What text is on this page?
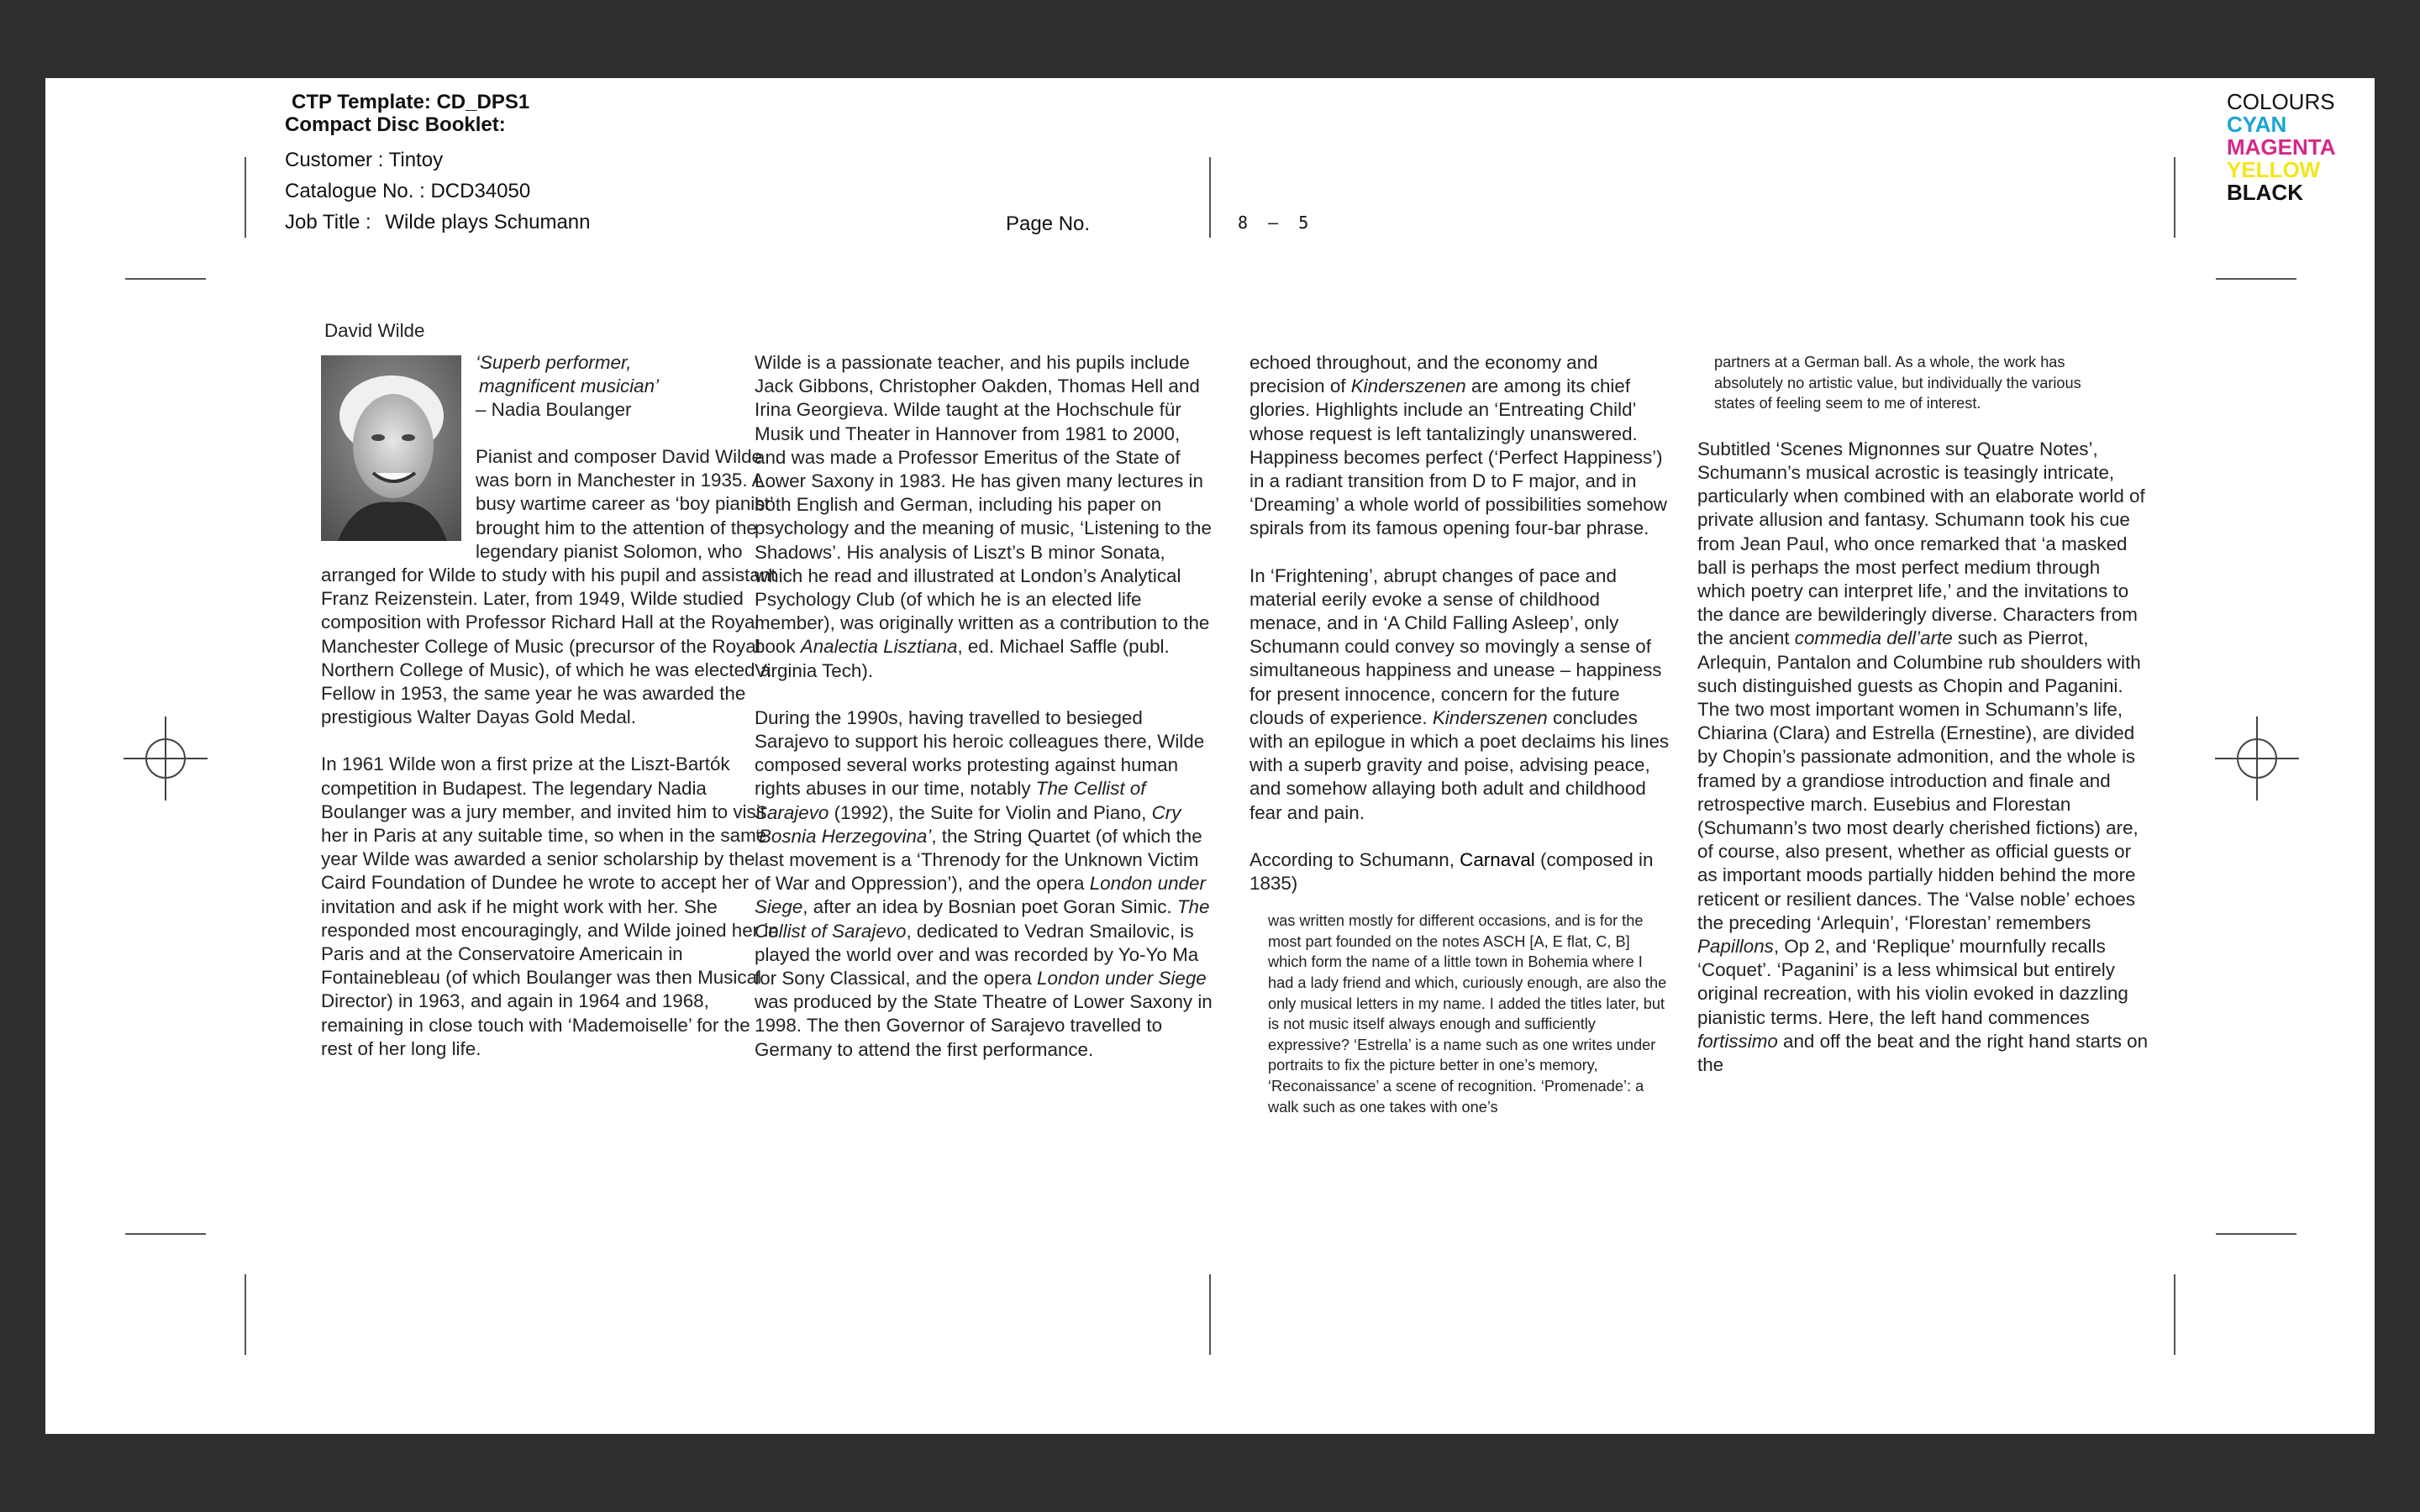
CTP Template: CD_DPS1
Compact Disc Booklet:
Customer : Tintoy
Catalogue No. : DCD34050
Job Title : Wilde plays Schumann	Page No.	8  –  5
COLOURS
CYAN
MAGENTA
YELLOW
BLACK
David Wilde
‘Superb performer,
magnificent musician’
– Nadia Boulanger

Pianist and composer David Wilde was born in Manchester in 1935. A busy wartime career as ‘boy pianist’ brought him to the attention of the legendary pianist Solomon, who arranged for Wilde to study with his pupil and assistant Franz Reizenstein. Later, from 1949, Wilde studied composition with Professor Richard Hall at the Royal Manchester College of Music (precursor of the Royal Northern College of Music), of which he was elected a Fellow in 1953, the same year he was awarded the prestigious Walter Dayas Gold Medal.

In 1961 Wilde won a first prize at the Liszt-Bartók competition in Budapest. The legendary Nadia Boulanger was a jury member, and invited him to visit her in Paris at any suitable time, so when in the same year Wilde was awarded a senior scholarship by the Caird Foundation of Dundee he wrote to accept her invitation and ask if he might work with her. She responded most encouragingly, and Wilde joined her in Paris and at the Conservatoire Americain in Fontainebleau (of which Boulanger was then Musical Director) in 1963, and again in 1964 and 1968, remaining in close touch with ‘Mademoiselle’ for the rest of her long life.

Wilde is a passionate teacher, and his pupils include Jack Gibbons, Christopher Oakden, Thomas Hell and Irina Georgieva. Wilde taught at the Hochschule für Musik und Theater in Hannover from 1981 to 2000, and was made a Professor Emeritus of the State of Lower Saxony in 1983. He has given many lectures in both English and German, including his paper on psychology and the meaning of music, ‘Listening to the Shadows’. His analysis of Liszt’s B minor Sonata, which he read and illustrated at London’s Analytical Psychology Club (of which he is an elected life member), was originally written as a contribution to the book Analectia Lisztiana, ed. Michael Saffle (publ. Virginia Tech).

During the 1990s, having travelled to besieged Sarajevo to support his heroic colleagues there, Wilde composed several works protesting against human rights abuses in our time, notably The Cellist of Sarajevo (1992), the Suite for Violin and Piano, Cry ‘Bosnia Herzegovina’, the String Quartet (of which the last movement is a ‘Threnody for the Unknown Victim of War and Oppression’), and the opera London under Siege, after an idea by Bosnian poet Goran Simic. The Cellist of Sarajevo, dedicated to Vedran Smailovic, is played the world over and was recorded by Yo-Yo Ma for Sony Classical, and the opera London under Siege was produced by the State Theatre of Lower Saxony in 1998. The then Governor of Sarajevo travelled to Germany to attend the first performance.

echoed throughout, and the economy and precision of Kinderszenen are among its chief glories. Highlights include an ‘Entreating Child’ whose request is left tantalizingly unanswered. Happiness becomes perfect (‘Perfect Happiness’) in a radiant transition from D to F major, and in ‘Dreaming’ a whole world of possibilities somehow spirals from its famous opening four-bar phrase.

In ‘Frightening’, abrupt changes of pace and material eerily evoke a sense of childhood menace, and in ‘A Child Falling Asleep’, only Schumann could convey so movingly a sense of simultaneous happiness and unease – happiness for present innocence, concern for the future clouds of experience. Kinderszenen concludes with an epilogue in which a poet declaims his lines with a superb gravity and poise, advising peace, and somehow allaying both adult and childhood fear and pain.

According to Schumann, Carnaval (composed in 1835)

was written mostly for different occasions, and is for the most part founded on the notes ASCH [A, E flat, C, B] which form the name of a little town in Bohemia where I had a lady friend and which, curiously enough, are also the only musical letters in my name. I added the titles later, but is not music itself always enough and sufficiently expressive? ‘Estrella’ is a name such as one writes under portraits to fix the picture better in one’s memory, ‘Reconaissance’ a scene of recognition. ‘Promenade’: a walk such as one takes with one’s
partners at a German ball. As a whole, the work has absolutely no artistic value, but individually the various states of feeling seem to me of interest.
Subtitled ‘Scenes Mignonnes sur Quatre Notes’, Schumann’s musical acrostic is teasingly intricate, particularly when combined with an elaborate world of private allusion and fantasy. Schumann took his cue from Jean Paul, who once remarked that ‘a masked ball is perhaps the most perfect medium through which poetry can interpret life,’ and the invitations to the dance are bewilderingly diverse. Characters from the ancient commedia dell’arte such as Pierrot, Arlequin, Pantalon and Columbine rub shoulders with such distinguished guests as Chopin and Paganini. The two most important women in Schumann’s life, Chiarina (Clara) and Estrella (Ernestine), are divided by Chopin’s passionate admonition, and the whole is framed by a grandiose introduction and finale and retrospective march. Eusebius and Florestan (Schumann’s two most dearly cherished fictions) are, of course, also present, whether as official guests or as important moods partially hidden behind the more reticent or resilient dances. The ‘Valse noble’ echoes the preceding ‘Arlequin’, ‘Florestan’ remembers Papillons, Op 2, and ‘Replique’ mournfully recalls ‘Coquet’. ‘Paganini’ is a less whimsical but entirely original recreation, with his violin evoked in dazzling pianistic terms. Here, the left hand commences fortissimo and off the beat and the right hand starts on the
